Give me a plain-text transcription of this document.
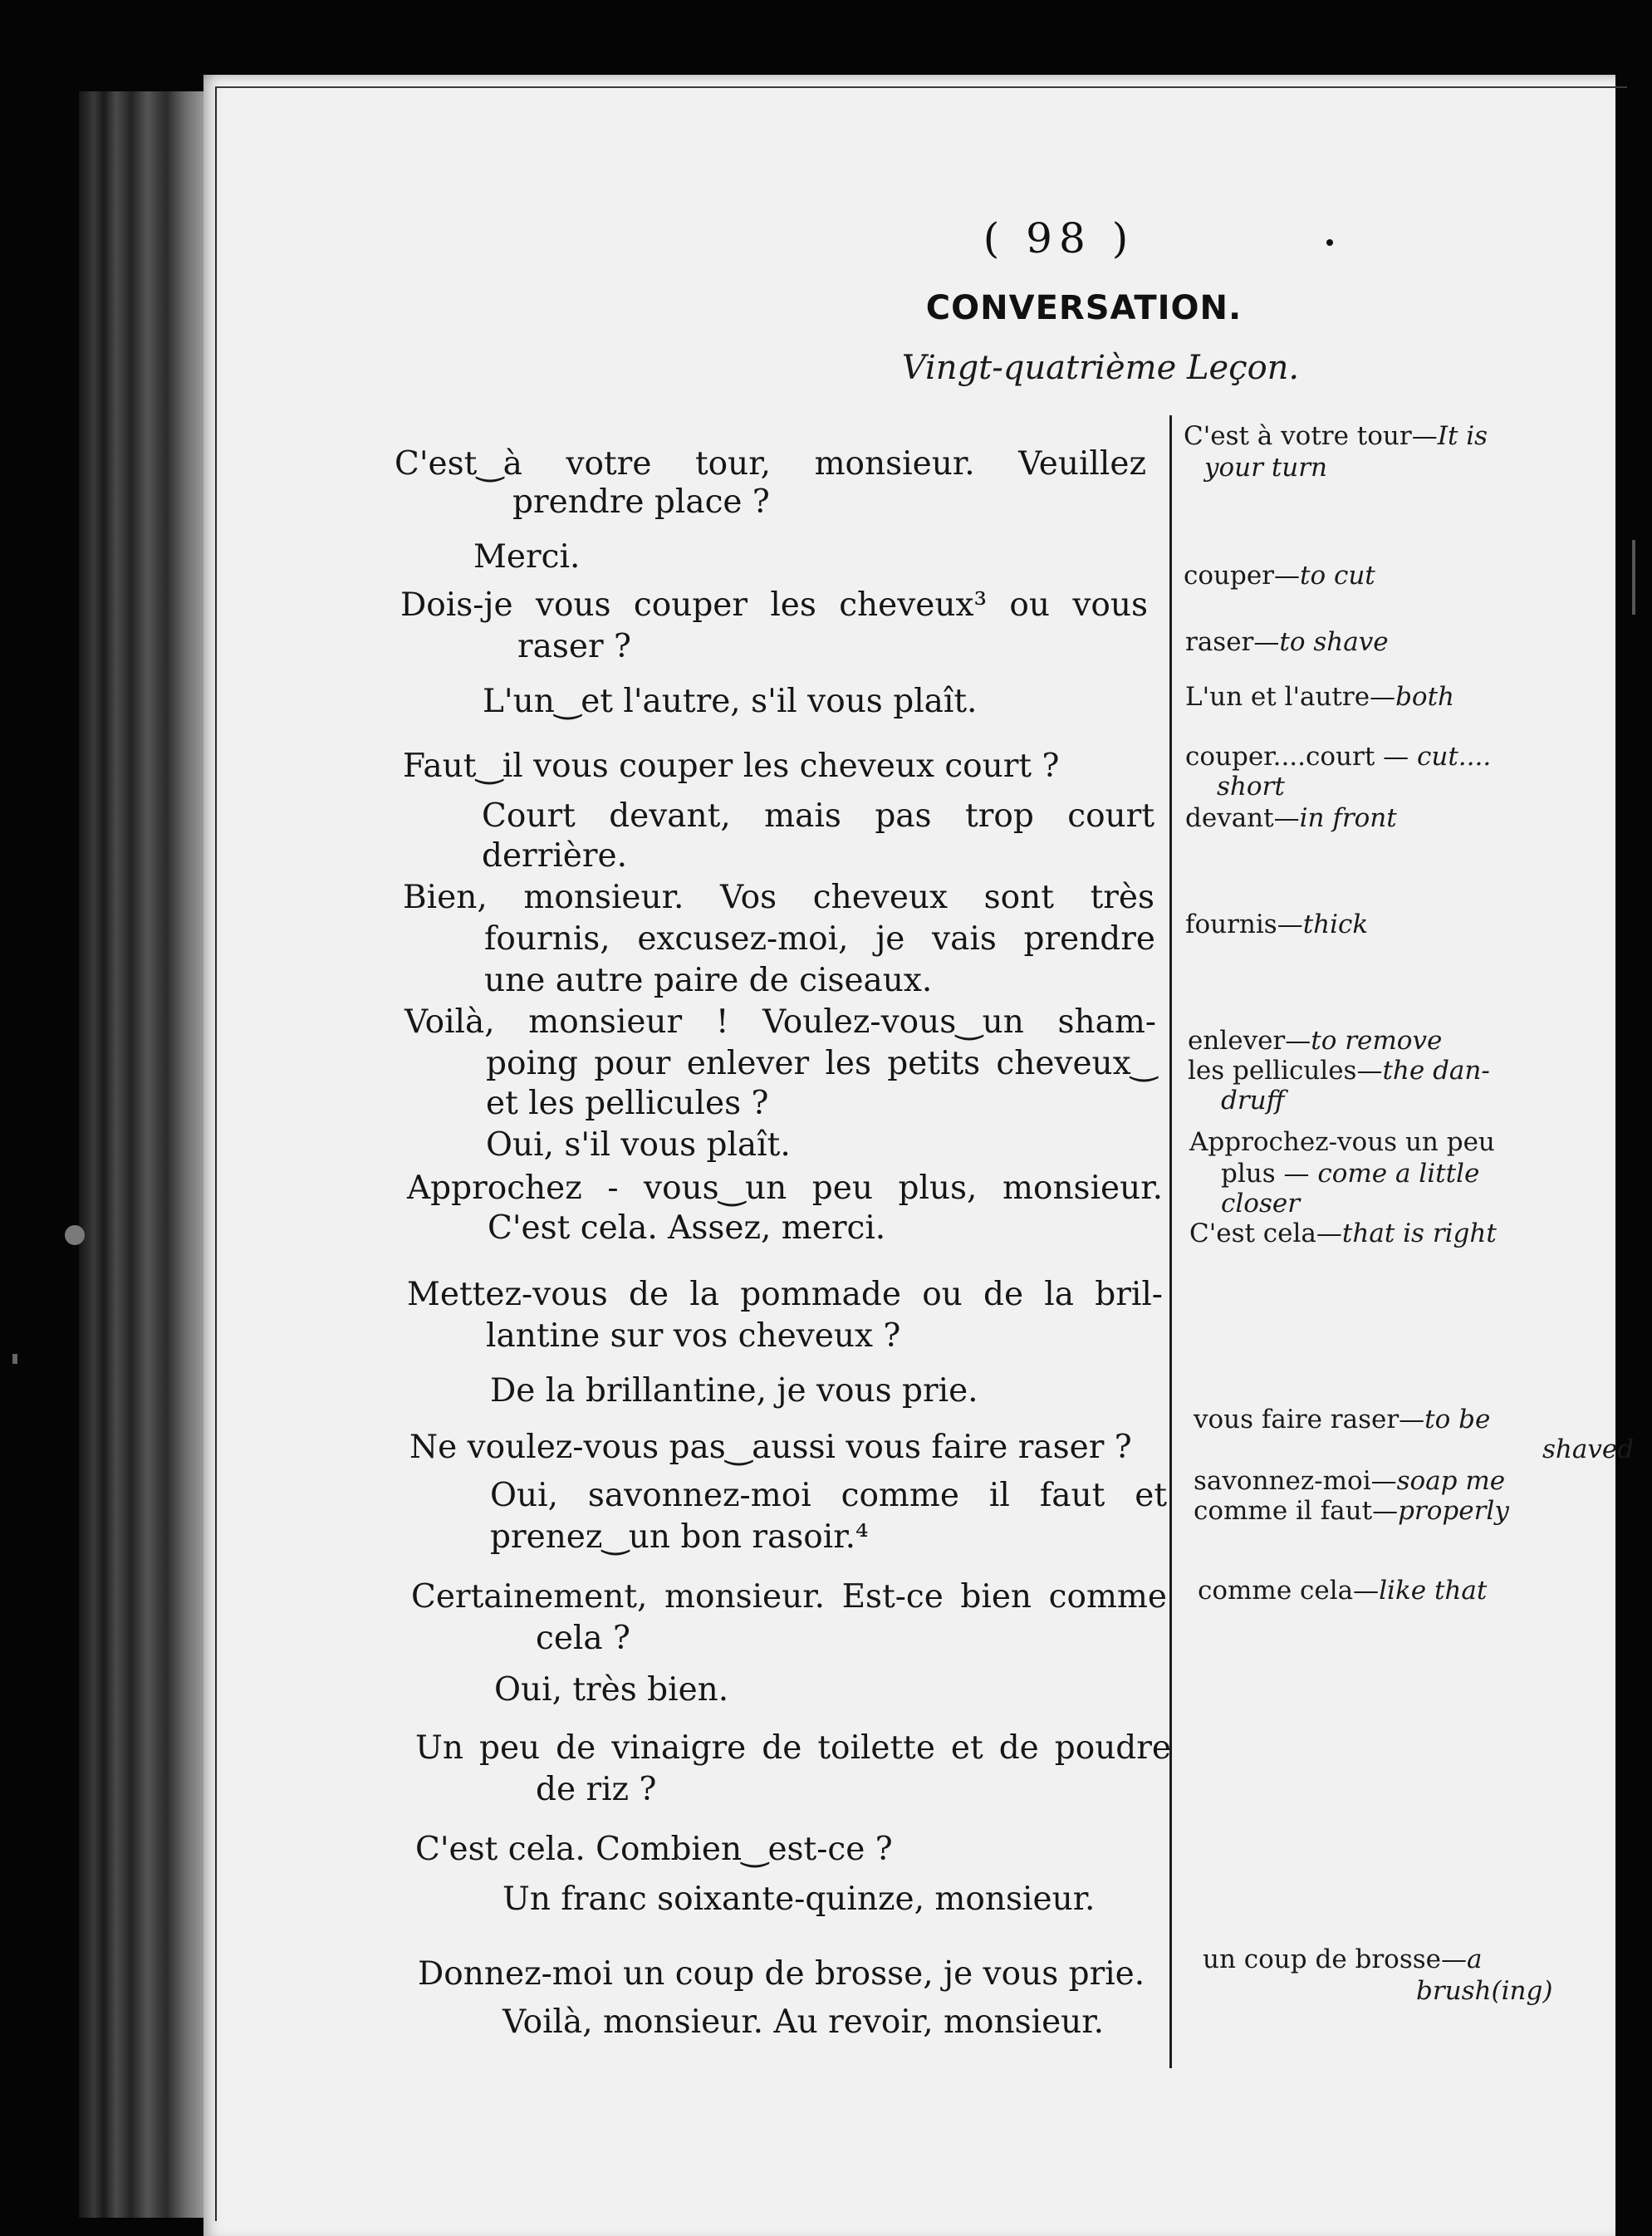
( 98 )
CONVERSATION.
Vingt-quatrième Leçon.
C'est‿à votre tour, monsieur. Veuillez
prendre place ?
Merci.
Dois-je vous couper les cheveux³ ou vous
raser ?
L'un‿et l'autre, s'il vous plaît.
Faut‿il vous couper les cheveux court ?
Court devant, mais pas trop court
derrière.
Bien, monsieur. Vos cheveux sont très
fournis, excusez-moi, je vais prendre
une autre paire de ciseaux.
Voilà, monsieur ! Voulez-vous‿un sham-
poing pour enlever les petits cheveux‿
et les pellicules ?
Oui, s'il vous plaît.
Approchez - vous‿un peu plus, monsieur.
C'est cela. Assez, merci.
Mettez-vous de la pommade ou de la bril-
lantine sur vos cheveux ?
De la brillantine, je vous prie.
Ne voulez-vous pas‿aussi vous faire raser ?
Oui, savonnez-moi comme il faut et
prenez‿un bon rasoir.⁴
Certainement, monsieur. Est-ce bien comme
cela ?
Oui, très bien.
Un peu de vinaigre de toilette et de poudre
de riz ?
C'est cela. Combien‿est-ce ?
Un franc soixante-quinze, monsieur.
Donnez-moi un coup de brosse, je vous prie.
Voilà, monsieur. Au revoir, monsieur.
C'est à votre tour—It is
your turn
couper—to cut
raser—to shave
L'un et l'autre—both
couper....court — cut....
short
devant—in front
fournis—thick
enlever—to remove
les pellicules—the dan-
druff
Approchez-vous un peu
plus — come a little
closer
C'est cela—that is right
vous faire raser—to be
shaved
savonnez-moi—soap me
comme il faut—properly
comme cela—like that
un coup de brosse—a
brush(ing)
